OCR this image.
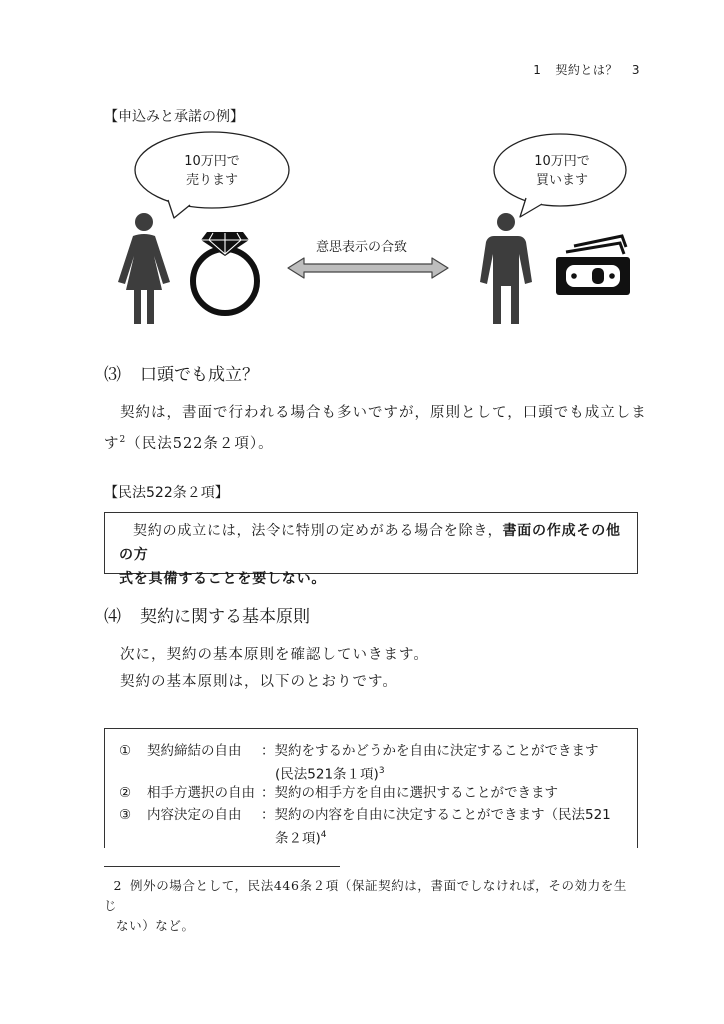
1 契約とは？ 3
【申込みと承諾の例】
10万円で
売ります
10万円で
買います
意思表示の合致
⑶ 口頭でも成立？
契約は，書面で行われる場合も多いですが，原則として，口頭でも成立しま
す$^2$（民法522条２項）。
【民法522条２項】
契約の成立には，法令に特別の定めがある場合を除き，書面の作成その他の方
式を具備することを要しない。
⑷ 契約に関する基本原則
次に，契約の基本原則を確認していきます。
契約の基本原則は，以下のとおりです。
① 契約締結の自由 ：契約をするかどうかを自由に決定することができます
(民法521条１項)$^3$
② 相手方選択の自由 ：契約の相手方を自由に選択することができます
③ 内容決定の自由 ：契約の内容を自由に決定することができます（民法521
条２項)$^4$
2 例外の場合として，民法446条２項（保証契約は，書面でしなければ，その効力を生じ
ない）など。
